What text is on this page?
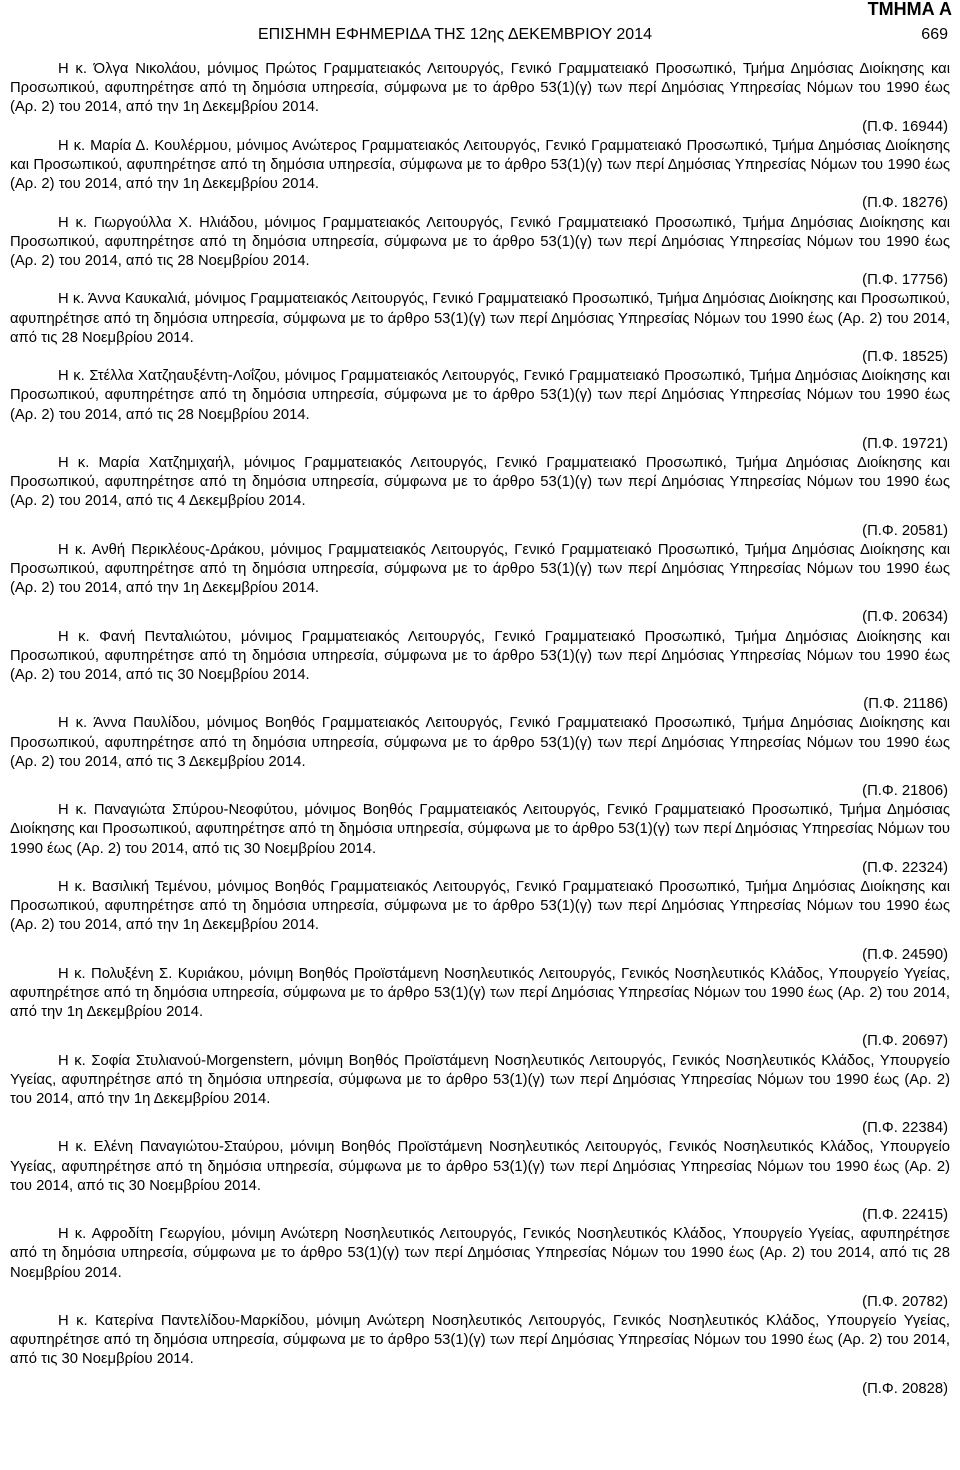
ΤΜΗΜΑ Α
ΕΠΙΣΗΜΗ ΕΦΗΜΕΡΙΔΑ ΤΗΣ 12ης ΔΕΚΕΜΒΡΙΟΥ 2014	669

Η κ. Όλγα Νικολάου, μόνιμος Πρώτος Γραμματειακός Λειτουργός, Γενικό Γραμματειακό Προσωπικό, Τμήμα Δημόσιας Διοίκησης και Προσωπικού, αφυπηρέτησε από τη δημόσια υπηρεσία, σύμφωνα με το άρθρο 53(1)(γ) των περί Δημόσιας Υπηρεσίας Νόμων του 1990 έως (Αρ. 2) του 2014, από την 1η Δεκεμβρίου 2014.

(Π.Φ. 16944)

Η κ. Μαρία Δ. Κουλέρμου, μόνιμος Ανώτερος Γραμματειακός Λειτουργός, Γενικό Γραμματειακό Προσωπικό, Τμήμα Δημόσιας Διοίκησης και Προσωπικού, αφυπηρέτησε από τη δημόσια υπηρεσία, σύμφωνα με το άρθρο 53(1)(γ) των περί Δημόσιας Υπηρεσίας Νόμων του 1990 έως (Αρ. 2) του 2014, από την 1η Δεκεμβρίου 2014.

(Π.Φ. 18276)

Η κ. Γιωργούλλα Χ. Ηλιάδου, μόνιμος Γραμματειακός Λειτουργός, Γενικό Γραμματειακό Προσωπικό, Τμήμα Δημόσιας Διοίκησης και Προσωπικού, αφυπηρέτησε από τη δημόσια υπηρεσία, σύμφωνα με το άρθρο 53(1)(γ) των περί Δημόσιας Υπηρεσίας Νόμων του 1990 έως (Αρ. 2) του 2014, από τις 28 Νοεμβρίου 2014.

(Π.Φ. 17756)

Η κ. Άννα Καυκαλιά, μόνιμος Γραμματειακός Λειτουργός, Γενικό Γραμματειακό Προσωπικό, Τμήμα Δημόσιας Διοίκησης και Προσωπικού, αφυπηρέτησε από τη δημόσια υπηρεσία, σύμφωνα με το άρθρο 53(1)(γ) των περί Δημόσιας Υπηρεσίας Νόμων του 1990 έως (Αρ. 2) του 2014, από τις 28 Νοεμβρίου 2014.

(Π.Φ. 18525)

Η κ. Στέλλα Χατζηαυξέντη-Λοΐζου, μόνιμος Γραμματειακός Λειτουργός, Γενικό Γραμματειακό Προσωπικό, Τμήμα Δημόσιας Διοίκησης και Προσωπικού, αφυπηρέτησε από τη δημόσια υπηρεσία, σύμφωνα με το άρθρο 53(1)(γ) των περί Δημόσιας Υπηρεσίας Νόμων του 1990 έως (Αρ. 2) του 2014, από τις 28 Νοεμβρίου 2014.

(Π.Φ. 19721)

Η κ. Μαρία Χατζημιχαήλ, μόνιμος Γραμματειακός Λειτουργός, Γενικό Γραμματειακό Προσωπικό, Τμήμα Δημόσιας Διοίκησης και Προσωπικού, αφυπηρέτησε από τη δημόσια υπηρεσία, σύμφωνα με το άρθρο 53(1)(γ) των περί Δημόσιας Υπηρεσίας Νόμων του 1990 έως (Αρ. 2) του 2014, από τις 4 Δεκεμβρίου 2014.

(Π.Φ. 20581)

Η κ. Ανθή Περικλέους-Δράκου, μόνιμος Γραμματειακός Λειτουργός, Γενικό Γραμματειακό Προσωπικό, Τμήμα Δημόσιας Διοίκησης και Προσωπικού, αφυπηρέτησε από τη δημόσια υπηρεσία, σύμφωνα με το άρθρο 53(1)(γ) των περί Δημόσιας Υπηρεσίας Νόμων του 1990 έως (Αρ. 2) του 2014, από την 1η Δεκεμβρίου 2014.

(Π.Φ. 20634)

Η κ. Φανή Πενταλιώτου, μόνιμος Γραμματειακός Λειτουργός, Γενικό Γραμματειακό Προσωπικό, Τμήμα Δημόσιας Διοίκησης και Προσωπικού, αφυπηρέτησε από τη δημόσια υπηρεσία, σύμφωνα με το άρθρο 53(1)(γ) των περί Δημόσιας Υπηρεσίας Νόμων του 1990 έως (Αρ. 2) του 2014, από τις 30 Νοεμβρίου 2014.

(Π.Φ. 21186)

Η κ. Άννα Παυλίδου, μόνιμος Βοηθός Γραμματειακός Λειτουργός, Γενικό Γραμματειακό Προσωπικό, Τμήμα Δημόσιας Διοίκησης και Προσωπικού, αφυπηρέτησε από τη δημόσια υπηρεσία, σύμφωνα με το άρθρο 53(1)(γ) των περί Δημόσιας Υπηρεσίας Νόμων του 1990 έως (Αρ. 2) του 2014, από τις 3 Δεκεμβρίου 2014.

(Π.Φ. 21806)

Η κ. Παναγιώτα Σπύρου-Νεοφύτου, μόνιμος Βοηθός Γραμματειακός Λειτουργός, Γενικό Γραμματειακό Προσωπικό, Τμήμα Δημόσιας Διοίκησης και Προσωπικού, αφυπηρέτησε από τη δημόσια υπηρεσία, σύμφωνα με το άρθρο 53(1)(γ) των περί Δημόσιας Υπηρεσίας Νόμων του 1990 έως (Αρ. 2) του 2014, από τις 30 Νοεμβρίου 2014.

(Π.Φ. 22324)

Η κ. Βασιλική Τεμένου, μόνιμος Βοηθός Γραμματειακός Λειτουργός, Γενικό Γραμματειακό Προσωπικό, Τμήμα Δημόσιας Διοίκησης και Προσωπικού, αφυπηρέτησε από τη δημόσια υπηρεσία, σύμφωνα με το άρθρο 53(1)(γ) των περί Δημόσιας Υπηρεσίας Νόμων του 1990 έως (Αρ. 2) του 2014, από την 1η Δεκεμβρίου 2014.

(Π.Φ. 24590)

Η κ. Πολυξένη Σ. Κυριάκου, μόνιμη Βοηθός Προϊστάμενη Νοσηλευτικός Λειτουργός, Γενικός Νοσηλευτικός Κλάδος, Υπουργείο Υγείας, αφυπηρέτησε από τη δημόσια υπηρεσία, σύμφωνα με το άρθρο 53(1)(γ) των περί Δημόσιας Υπηρεσίας Νόμων του 1990 έως (Αρ. 2) του 2014, από την 1η Δεκεμβρίου 2014.

(Π.Φ. 20697)

Η κ. Σοφία Στυλιανού-Morgenstern, μόνιμη Βοηθός Προϊστάμενη Νοσηλευτικός Λειτουργός, Γενικός Νοσηλευτικός Κλάδος, Υπουργείο Υγείας, αφυπηρέτησε από τη δημόσια υπηρεσία, σύμφωνα με το άρθρο 53(1)(γ) των περί Δημόσιας Υπηρεσίας Νόμων του 1990 έως (Αρ. 2) του 2014, από την 1η Δεκεμβρίου 2014.

(Π.Φ. 22384)

Η κ. Ελένη Παναγιώτου-Σταύρου, μόνιμη Βοηθός Προϊστάμενη Νοσηλευτικός Λειτουργός, Γενικός Νοσηλευτικός Κλάδος, Υπουργείο Υγείας, αφυπηρέτησε από τη δημόσια υπηρεσία, σύμφωνα με το άρθρο 53(1)(γ) των περί Δημόσιας Υπηρεσίας Νόμων του 1990 έως (Αρ. 2) του 2014, από τις 30 Νοεμβρίου 2014.

(Π.Φ. 22415)

Η κ. Αφροδίτη Γεωργίου, μόνιμη Ανώτερη Νοσηλευτικός Λειτουργός, Γενικός Νοσηλευτικός Κλάδος, Υπουργείο Υγείας, αφυπηρέτησε από τη δημόσια υπηρεσία, σύμφωνα με το άρθρο 53(1)(γ) των περί Δημόσιας Υπηρεσίας Νόμων του 1990 έως (Αρ. 2) του 2014, από τις 28 Νοεμβρίου 2014.

(Π.Φ. 20782)

Η κ. Κατερίνα Παντελίδου-Μαρκίδου, μόνιμη Ανώτερη Νοσηλευτικός Λειτουργός, Γενικός Νοσηλευτικός Κλάδος, Υπουργείο Υγείας, αφυπηρέτησε από τη δημόσια υπηρεσία, σύμφωνα με το άρθρο 53(1)(γ) των περί Δημόσιας Υπηρεσίας Νόμων του 1990 έως (Αρ. 2) του 2014, από τις 30 Νοεμβρίου 2014.

(Π.Φ. 20828)
